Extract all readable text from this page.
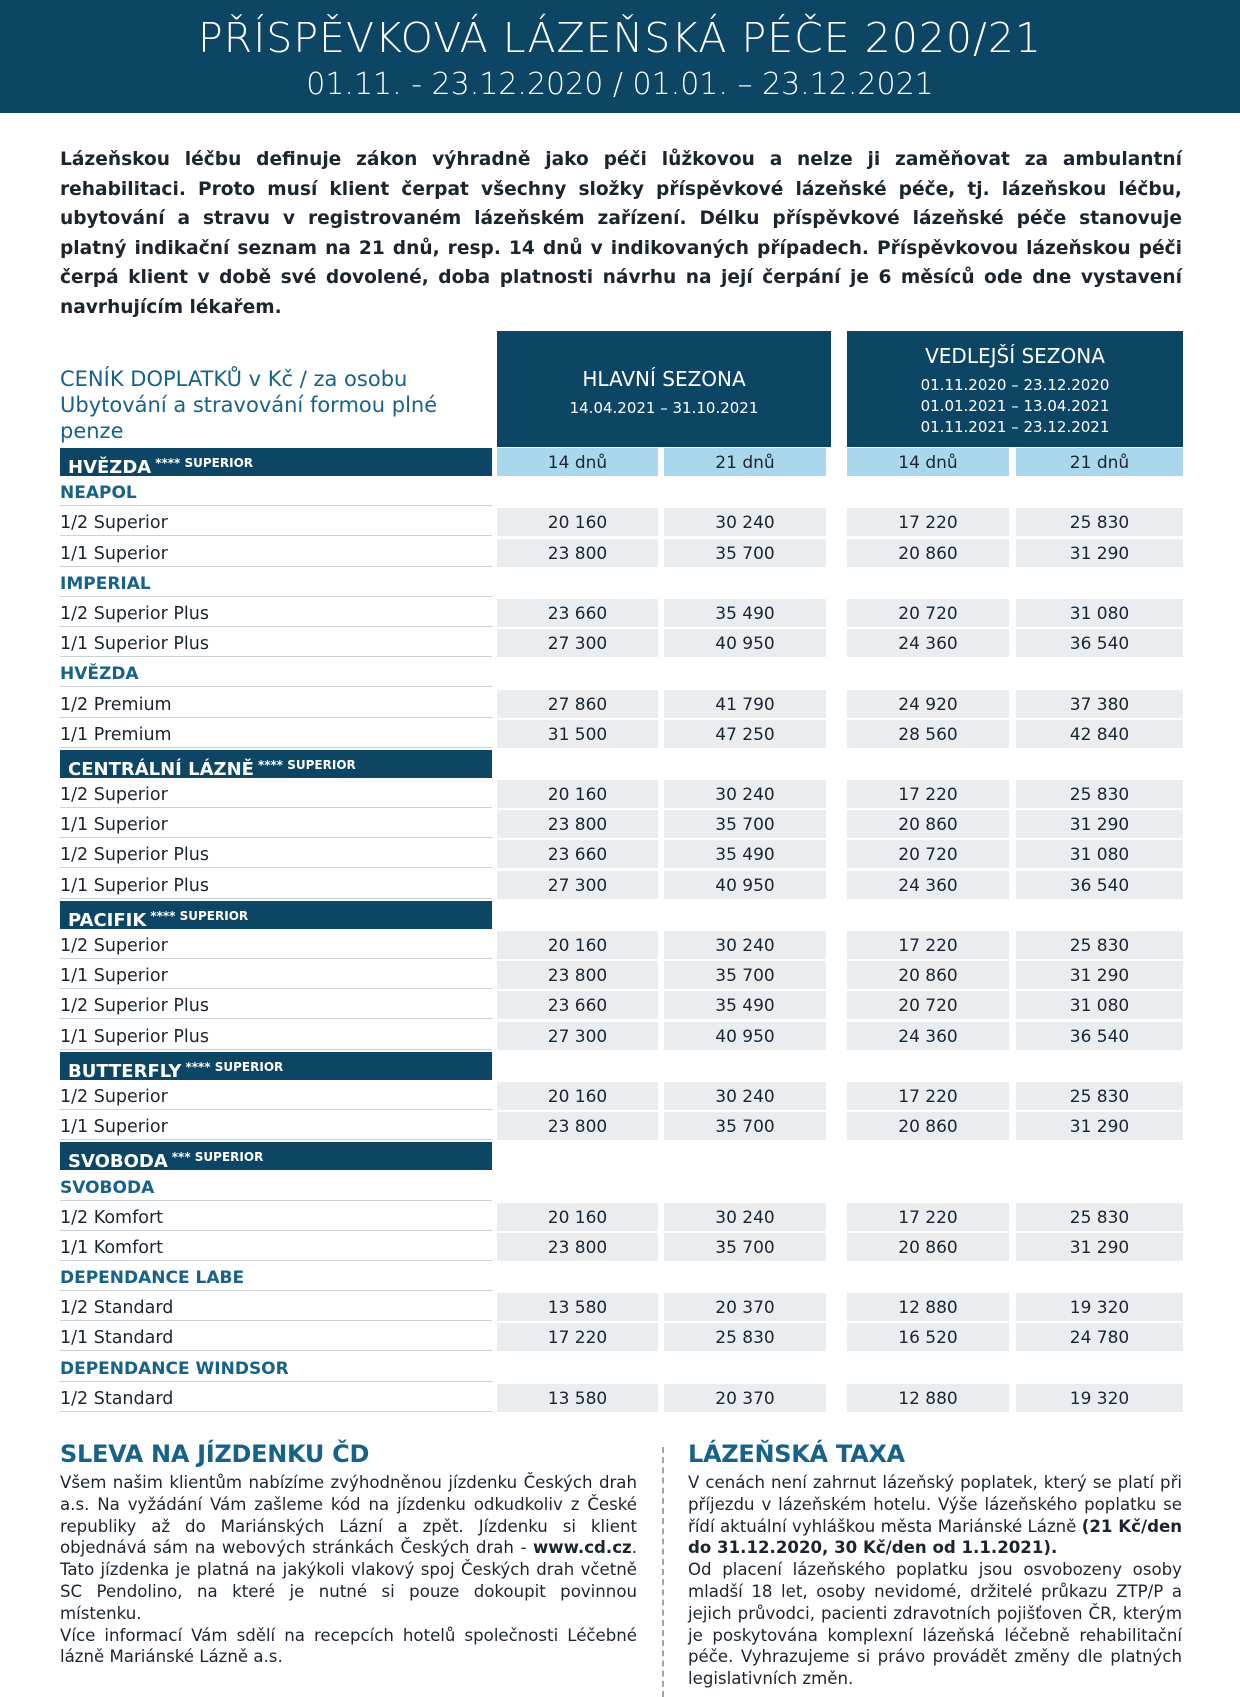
PŘÍSPĚVKOVÁ LÁZEŇSKÁ PÉČE 2020/21
01.11. - 23.12.2020 / 01.01. – 23.12.2021

Lázeňskou léčbu definuje zákon výhradně jako péči lůžkovou a nelze ji zaměňovat za ambulantní rehabilitaci. Proto musí klient čerpat všechny složky příspěvkové lázeňské péče, tj. lázeňskou léčbu, ubytování a stravu v registrovaném lázeňském zařízení. Délku příspěvkové lázeňské péče stanovuje platný indikační seznam na 21 dnů, resp. 14 dnů v indikovaných případech. Příspěvkovou lázeňskou péči čerpá klient v době své dovolené, doba platnosti návrhu na její čerpání je 6 měsíců ode dne vystavení navrhujícím lékařem.

CENÍK DOPLATKŮ v Kč / za osobu
Ubytování a stravování formou plné penze
HLAVNÍ SEZONA
14.04.2021 – 31.10.2021
VEDLEJŠÍ SEZONA
01.11.2020 – 23.12.2020
01.01.2021 – 13.04.2021
01.11.2021 – 23.12.2021
HVĚZDA $^{**** SUPERIOR}$	14 dnů	21 dnů	14 dnů	21 dnů
NEAPOL
1/2 Superior	20 160	30 240	17 220	25 830
1/1 Superior	23 800	35 700	20 860	31 290
IMPERIAL
1/2 Superior Plus	23 660	35 490	20 720	31 080
1/1 Superior Plus	27 300	40 950	24 360	36 540
HVĚZDA
1/2 Premium	27 860	41 790	24 920	37 380
1/1 Premium	31 500	47 250	28 560	42 840
CENTRÁLNÍ LÁZNĚ $^{**** SUPERIOR}$
1/2 Superior	20 160	30 240	17 220	25 830
1/1 Superior	23 800	35 700	20 860	31 290
1/2 Superior Plus	23 660	35 490	20 720	31 080
1/1 Superior Plus	27 300	40 950	24 360	36 540
PACIFIK $^{**** SUPERIOR}$
1/2 Superior	20 160	30 240	17 220	25 830
1/1 Superior	23 800	35 700	20 860	31 290
1/2 Superior Plus	23 660	35 490	20 720	31 080
1/1 Superior Plus	27 300	40 950	24 360	36 540
BUTTERFLY $^{**** SUPERIOR}$
1/2 Superior	20 160	30 240	17 220	25 830
1/1 Superior	23 800	35 700	20 860	31 290
SVOBODA $^{*** SUPERIOR}$
SVOBODA
1/2 Komfort	20 160	30 240	17 220	25 830
1/1 Komfort	23 800	35 700	20 860	31 290
DEPENDANCE LABE
1/2 Standard	13 580	20 370	12 880	19 320
1/1 Standard	17 220	25 830	16 520	24 780
DEPENDANCE WINDSOR
1/2 Standard	13 580	20 370	12 880	19 320
SLEVA NA JÍZDENKU ČD

Všem našim klientům nabízíme zvýhodněnou jízdenku Českých drah a.s. Na vyžádání Vám zašleme kód na jízdenku odkudkoliv z České republiky až do Mariánských Lázní a zpět. Jízdenku si klient objednává sám na webových stránkách Českých drah - www.cd.cz. Tato jízdenka je platná na jakýkoli vlakový spoj Českých drah včetně SC Pendolino, na které je nutné si pouze dokoupit povinnou místenku.

Více informací Vám sdělí na recepcích hotelů společnosti Léčebné lázně Mariánské Lázně a.s.

LÁZEŇSKÁ TAXA

V cenách není zahrnut lázeňský poplatek, který se platí při příjezdu v lázeňském hotelu. Výše lázeňského poplatku se řídí aktuální vyhláškou města Mariánské Lázně (21 Kč/den do 31.12.2020, 30 Kč/den od 1.1.2021).

Od placení lázeňského poplatku jsou osvobozeny osoby mladší 18 let, osoby nevidomé, držitelé průkazu ZTP/P a jejich průvodci, pacienti zdravotních pojišťoven ČR, kterým je poskytována komplexní lázeňská léčebně rehabilitační péče. Vyhrazujeme si právo provádět změny dle platných legislativních změn.
